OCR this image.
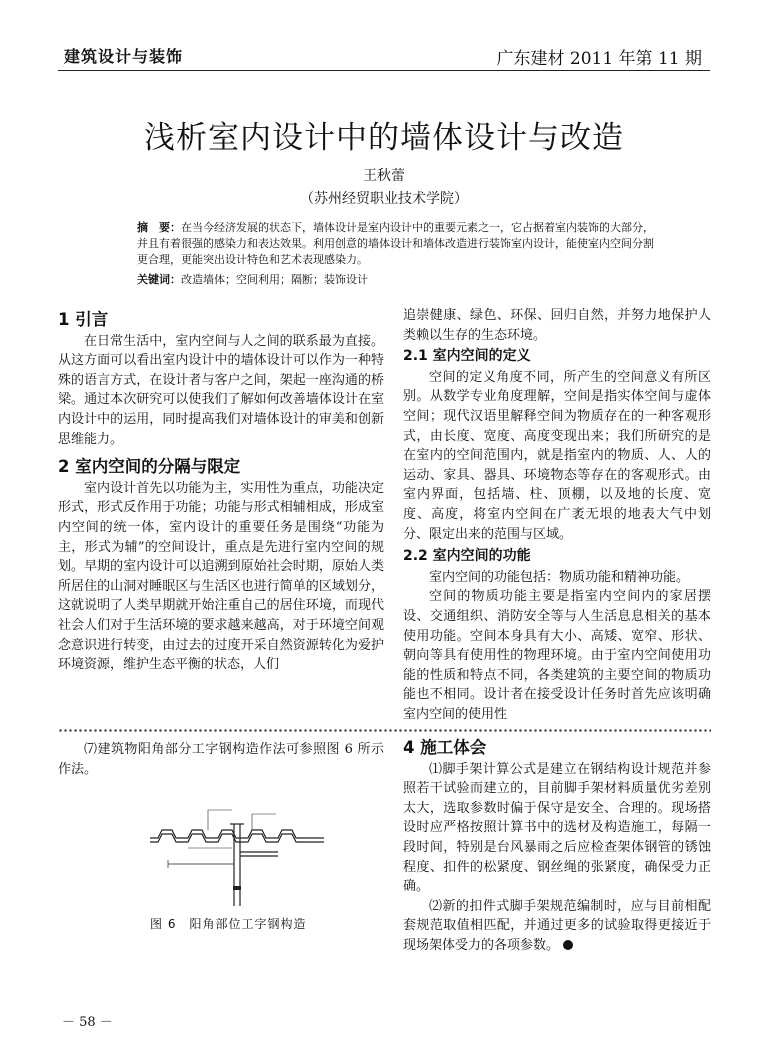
建筑设计与装饰	广东建材 2011 年第 11 期
浅析室内设计中的墙体设计与改造
王秋蕾
（苏州经贸职业技术学院）
摘　要：在当今经济发展的状态下，墙体设计是室内设计中的重要元素之一，它占据着室内装饰的大部分，并且有着很强的感染力和表达效果。利用创意的墙体设计和墙体改造进行装饰室内设计，能使室内空间分割更合理，更能突出设计特色和艺术表现感染力。
关键词：改造墙体；空间利用；隔断；装饰设计
1 引言

在日常生活中，室内空间与人之间的联系最为直接。从这方面可以看出室内设计中的墙体设计可以作为一种特殊的语言方式，在设计者与客户之间，架起一座沟通的桥梁。通过本次研究可以使我们了解如何改善墙体设计在室内设计中的运用，同时提高我们对墙体设计的审美和创新思维能力。

2 室内空间的分隔与限定

室内设计首先以功能为主，实用性为重点，功能决定形式，形式反作用于功能；功能与形式相辅相成，形成室内空间的统一体，室内设计的重要任务是围绕“功能为主，形式为辅”的空间设计，重点是先进行室内空间的规划。早期的室内设计可以追溯到原始社会时期，原始人类所居住的山洞对睡眠区与生活区也进行简单的区域划分，这就说明了人类早期就开始注重自己的居住环境，而现代社会人们对于生活环境的要求越来越高，对于环境空间观念意识进行转变，由过去的过度开采自然资源转化为爱护环境资源，维护生态平衡的状态，人们

追崇健康、绿色、环保、回归自然，并努力地保护人类赖以生存的生态环境。

2.1 室内空间的定义

空间的定义角度不同，所产生的空间意义有所区别。从数学专业角度理解，空间是指实体空间与虚体空间；现代汉语里解释空间为物质存在的一种客观形式，由长度、宽度、高度变现出来；我们所研究的是在室内的空间范围内，就是指室内的物质、人、人的运动、家具、器具、环境物态等存在的客观形式。由室内界面，包括墙、柱、顶棚，以及地的长度、宽度、高度，将室内空间在广袤无垠的地表大气中划分、限定出来的范围与区域。

2.2 室内空间的功能

室内空间的功能包括：物质功能和精神功能。

空间的物质功能主要是指室内空间内的家居摆设、交通组织、消防安全等与人生活息息相关的基本使用功能。空间本身具有大小、高矮、宽窄、形状、朝向等具有使用性的物理环境。由于室内空间使用功能的性质和特点不同，各类建筑的主要空间的物质功能也不相同。设计者在接受设计任务时首先应该明确室内空间的使用性

⑺建筑物阳角部分工字钢构造作法可参照图 6 所示作法。

图 6　阳角部位工字钢构造
4 施工体会

⑴脚手架计算公式是建立在钢结构设计规范并参照若干试验而建立的，目前脚手架材料质量优劣差别太大，选取参数时偏于保守是安全、合理的。现场搭设时应严格按照计算书中的选材及构造施工，每隔一段时间，特别是台风暴雨之后应检查架体钢管的锈蚀程度、扣件的松紧度、钢丝绳的张紧度，确保受力正确。

⑵新的扣件式脚手架规范编制时，应与目前相配套规范取值相匹配，并通过更多的试验取得更接近于现场架体受力的各项参数。

－ 58 －
